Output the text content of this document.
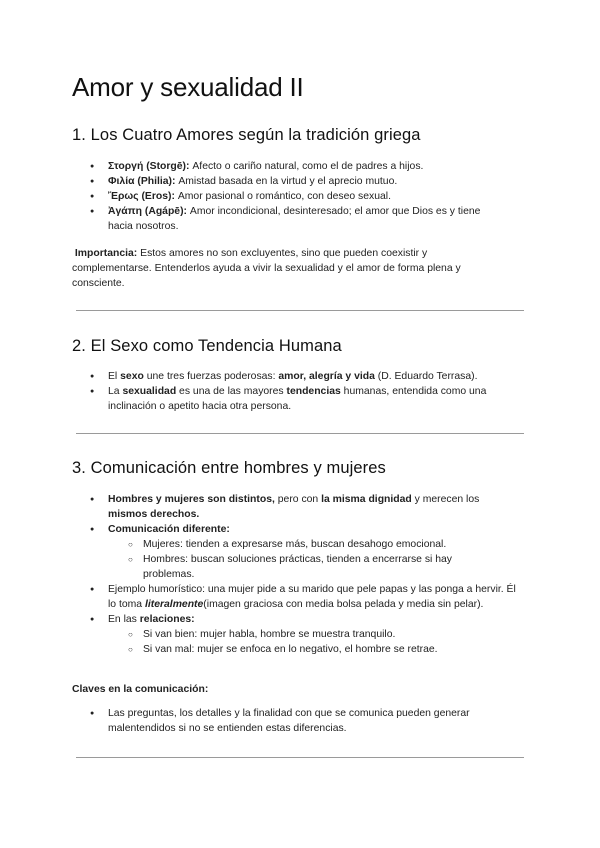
Amor y sexualidad II
1. Los Cuatro Amores según la tradición griega
● Στοργή (Storgē): Afecto o cariño natural, como el de padres a hijos.
● Φιλία (Philia): Amistad basada en la virtud y el aprecio mutuo.
● Ἔρως (Eros): Amor pasional o romántico, con deseo sexual.
● Ἀγάπη (Agápē): Amor incondicional, desinteresado; el amor que Dios es y tiene hacia nosotros.

Importancia: Estos amores no son excluyentes, sino que pueden coexistir y complementarse. Entenderlos ayuda a vivir la sexualidad y el amor de forma plena y consciente.

2. El Sexo como Tendencia Humana
● El sexo une tres fuerzas poderosas: amor, alegría y vida (D. Eduardo Terrasa).
● La sexualidad es una de las mayores tendencias humanas, entendida como una inclinación o apetito hacia otra persona.
3. Comunicación entre hombres y mujeres
● Hombres y mujeres son distintos, pero con la misma dignidad y merecen los mismos derechos.
● Comunicación diferente:
○ Mujeres: tienden a expresarse más, buscan desahogo emocional.
○ Hombres: buscan soluciones prácticas, tienden a encerrarse si hay problemas.
● Ejemplo humorístico: una mujer pide a su marido que pele papas y las ponga a hervir. Él lo toma literalmente(imagen graciosa con media bolsa pelada y media sin pelar).
● En las relaciones:
○ Si van bien: mujer habla, hombre se muestra tranquilo.
○ Si van mal: mujer se enfoca en lo negativo, el hombre se retrae.

Claves en la comunicación:

● Las preguntas, los detalles y la finalidad con que se comunica pueden generar malentendidos si no se entienden estas diferencias.
